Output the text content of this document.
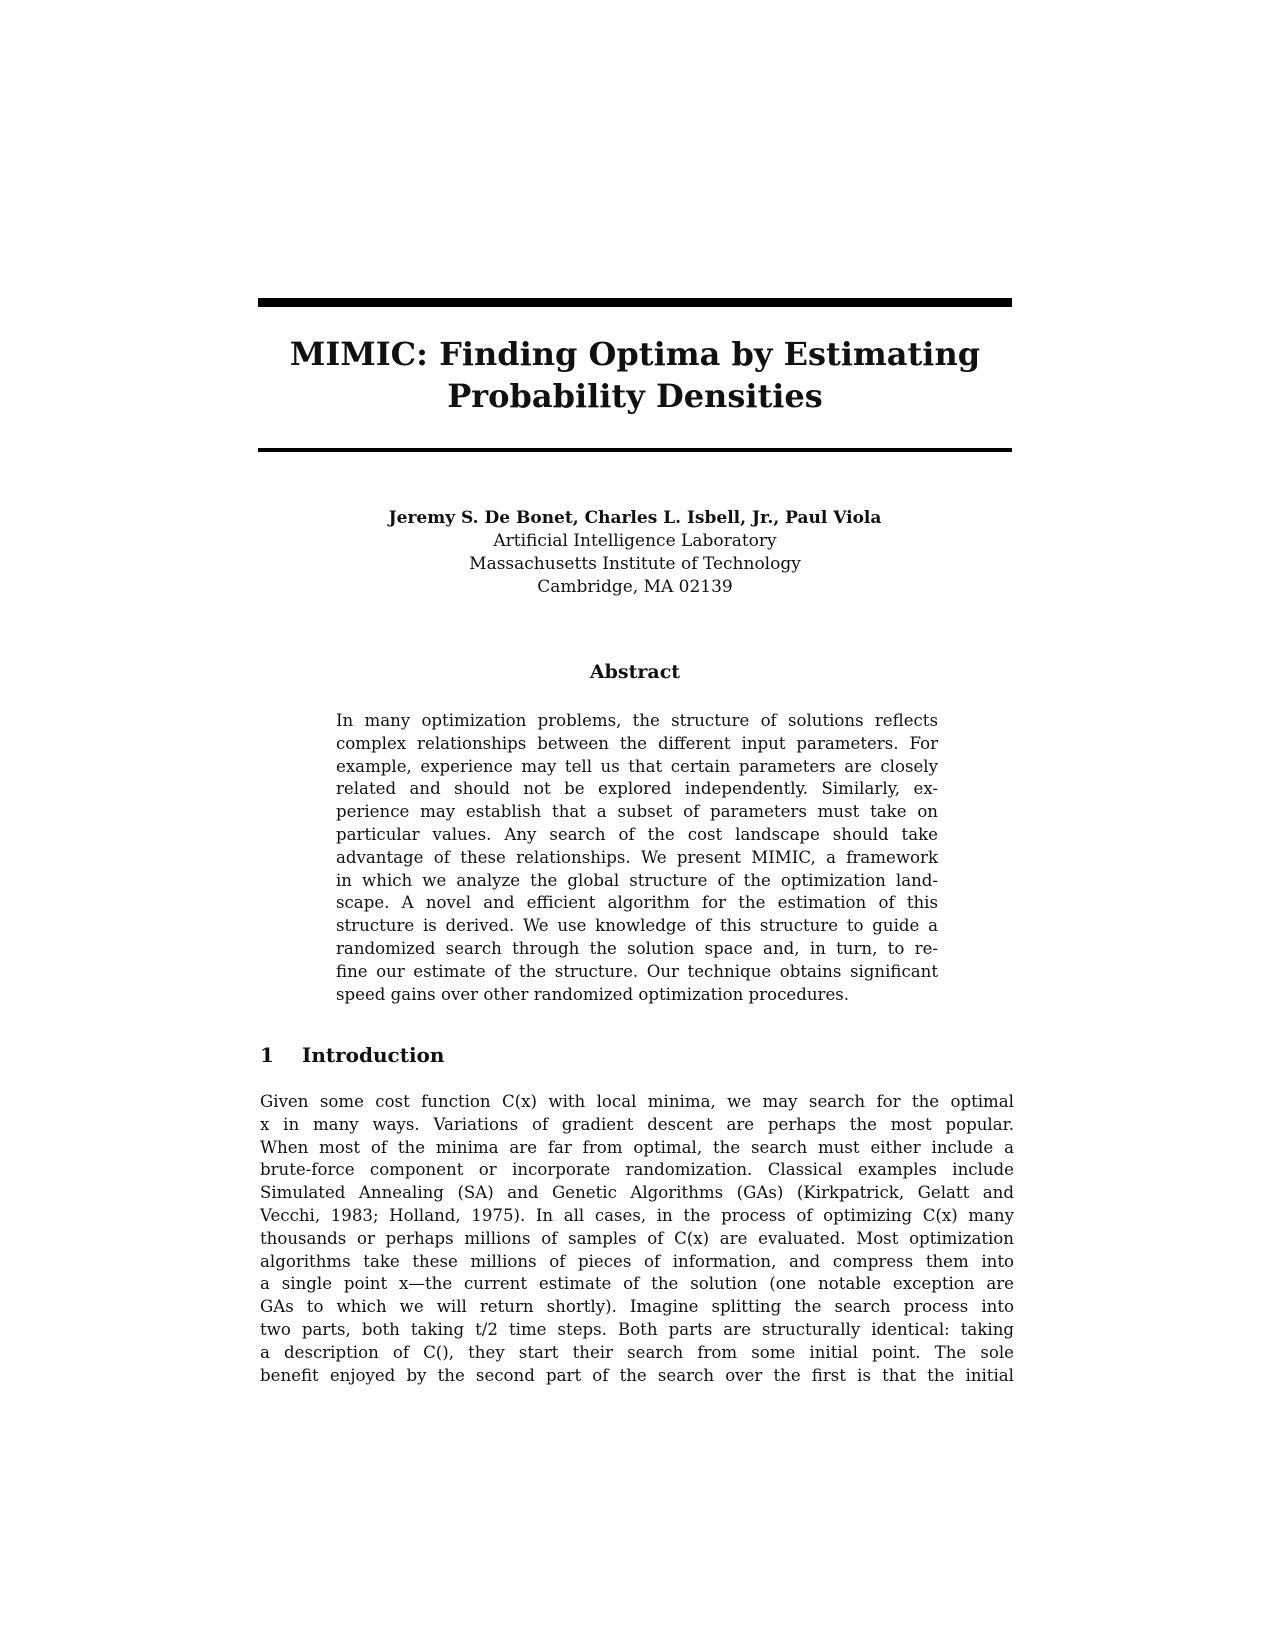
MIMIC: Finding Optima by Estimating
Probability Densities
Jeremy S. De Bonet, Charles L. Isbell, Jr., Paul Viola
Artificial Intelligence Laboratory
Massachusetts Institute of Technology
Cambridge, MA 02139
Abstract
In many optimization problems, the structure of solutions reflects
complex relationships between the different input parameters. For
example, experience may tell us that certain parameters are closely
related and should not be explored independently. Similarly, ex-
perience may establish that a subset of parameters must take on
particular values. Any search of the cost landscape should take
advantage of these relationships. We present MIMIC, a framework
in which we analyze the global structure of the optimization land-
scape. A novel and efficient algorithm for the estimation of this
structure is derived. We use knowledge of this structure to guide a
randomized search through the solution space and, in turn, to re-
fine our estimate of the structure. Our technique obtains significant
speed gains over other randomized optimization procedures.
1 Introduction
Given some cost function C(x) with local minima, we may search for the optimal
x in many ways. Variations of gradient descent are perhaps the most popular.
When most of the minima are far from optimal, the search must either include a
brute-force component or incorporate randomization. Classical examples include
Simulated Annealing (SA) and Genetic Algorithms (GAs) (Kirkpatrick, Gelatt and
Vecchi, 1983; Holland, 1975). In all cases, in the process of optimizing C(x) many
thousands or perhaps millions of samples of C(x) are evaluated. Most optimization
algorithms take these millions of pieces of information, and compress them into
a single point x—the current estimate of the solution (one notable exception are
GAs to which we will return shortly). Imagine splitting the search process into
two parts, both taking t/2 time steps. Both parts are structurally identical: taking
a description of C(), they start their search from some initial point. The sole
benefit enjoyed by the second part of the search over the first is that the initial
